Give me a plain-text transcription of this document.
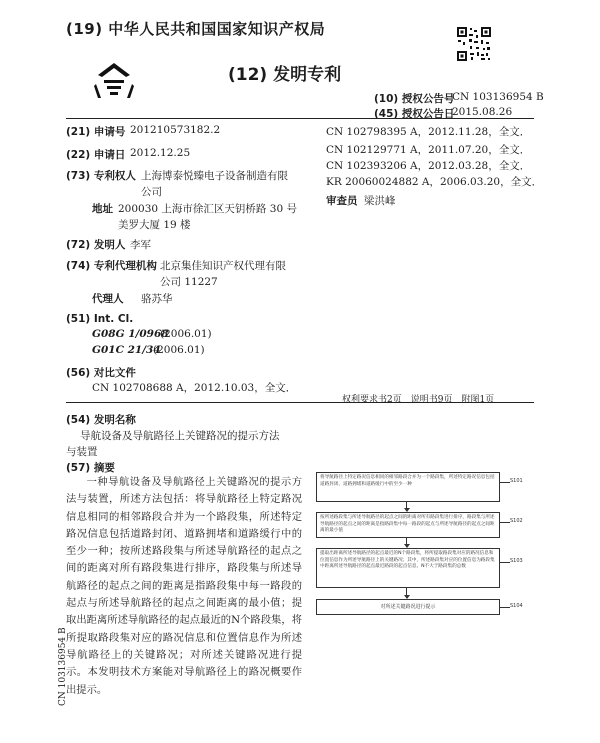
(19) 中华人民共和国国家知识产权局
(12) 发明专利
(10) 授权公告号
CN 103136954 B
(45) 授权公告日
2015.08.26
(21) 申请号 201210573182.2
(22) 申请日 2012.12.25
(73) 专利权人 上海博泰悦臻电子设备制造有限
公司
地址 200030 上海市徐汇区天钥桥路 30 号
美罗大厦 19 楼
(72) 发明人 李军
(74) 专利代理机构 北京集佳知识产权代理有限
公司 11227
代理人 骆苏华
(51) Int. Cl.
G08G 1/0968
(2006.01)
G01C 21/34
(2006.01)
(56) 对比文件
CN 102708688 A，2012.10.03，全文．
CN 102798395 A，2012.11.28，全文．
CN 102129771 A，2011.07.20，全文．
CN 102393206 A，2012.03.28，全文．
KR 20060024882 A，2006.03.20，全文．
审查员 梁洪峰
权利要求书2页　说明书9页　附图1页
(54) 发明名称
导航设备及导航路径上关键路况的提示方法
与装置
(57) 摘要
一种导航设备及导航路径上关键路况的提示方法与装置，所述方法包括：将导航路径上特定路况信息相同的相邻路段合并为一个路段集，所述特定路况信息包括道路封闭、道路拥堵和道路缓行中的至少一种；按所述路段集与所述导航路径的起点之间的距离对所有路段集进行排序，路段集与所述导航路径的起点之间的距离是指路段集中每一路段的起点与所述导航路径的起点之间距离的最小值；提取出距离所述导航路径的起点最近的N个路段集，将所提取路段集对应的路况信息和位置信息作为所述导航路径上的关键路况；对所述关键路况进行提示。本发明技术方案能对导航路径上的路况概要作出提示。
CN 103136954 B
将导航路径上特定路况信息相同的相邻路段合并为一个路段集，所述特定路况信息包括道路封闭、道路拥堵和道路缓行中的至少一种	S101
按所述路段集与所述导航路径的起点之间的距离对所有路段集进行排序，路段集与所述导航路径的起点之间的距离是指路段集中每一路段的起点与所述导航路径的起点之间距离的最小值
S102
提取出距离所述导航路径的起点最近的N个路段集，将所提取路段集对应的路况信息和位置信息作为所述导航路径上的关键路况；其中，所述路段集对应的位置信息为路段集中距离所述导航路径的起点最近路段的起点信息，N不大于路段集的总数
S103
对所述关键路况进行提示	S104
